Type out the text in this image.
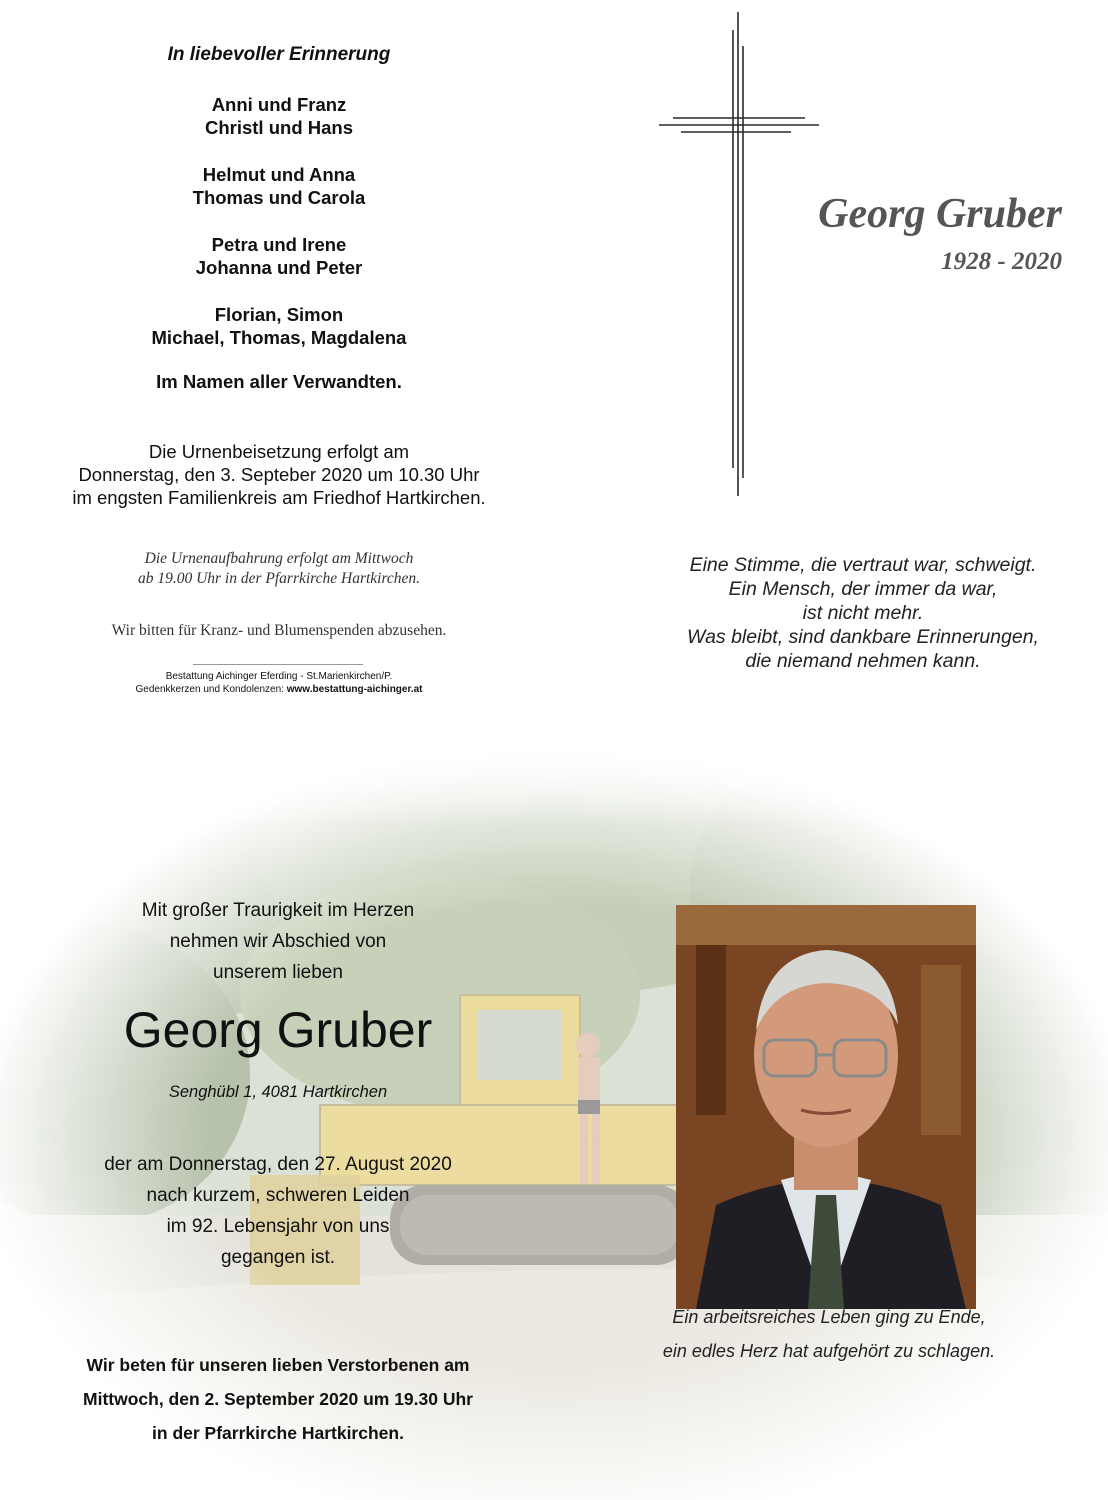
In liebevoller Erinnerung
Anni und Franz
Christl und Hans
Helmut und Anna
Thomas und Carola
Petra und Irene
Johanna und Peter
Florian, Simon
Michael, Thomas, Magdalena
Im Namen aller Verwandten.
Die Urnenbeisetzung erfolgt am
Donnerstag, den 3. Septeber 2020 um 10.30 Uhr
im engsten Familienkreis am Friedhof Hartkirchen.
Die Urnenaufbahrung erfolgt am Mittwoch
ab 19.00 Uhr in der Pfarrkirche Hartkirchen.
Wir bitten für Kranz- und Blumenspenden abzusehen.
Bestattung Aichinger Eferding - St.Marienkirchen/P.
Gedenkkerzen und Kondolenzen: www.bestattung-aichinger.at
Georg Gruber
1928 - 2020
Eine Stimme, die vertraut war, schweigt.
Ein Mensch, der immer da war,
ist nicht mehr.
Was bleibt, sind dankbare Erinnerungen,
die niemand nehmen kann.
Mit großer Traurigkeit im Herzen
nehmen wir Abschied von
unserem lieben
Georg Gruber
Senghübl 1, 4081 Hartkirchen
der am Donnerstag, den 27. August 2020
nach kurzem, schweren Leiden
im 92. Lebensjahr von uns
gegangen ist.
Wir beten für unseren lieben Verstorbenen am
Mittwoch, den 2. September 2020 um 19.30 Uhr
in der Pfarrkirche Hartkirchen.
Ein arbeitsreiches Leben ging zu Ende,
ein edles Herz hat aufgehört zu schlagen.
